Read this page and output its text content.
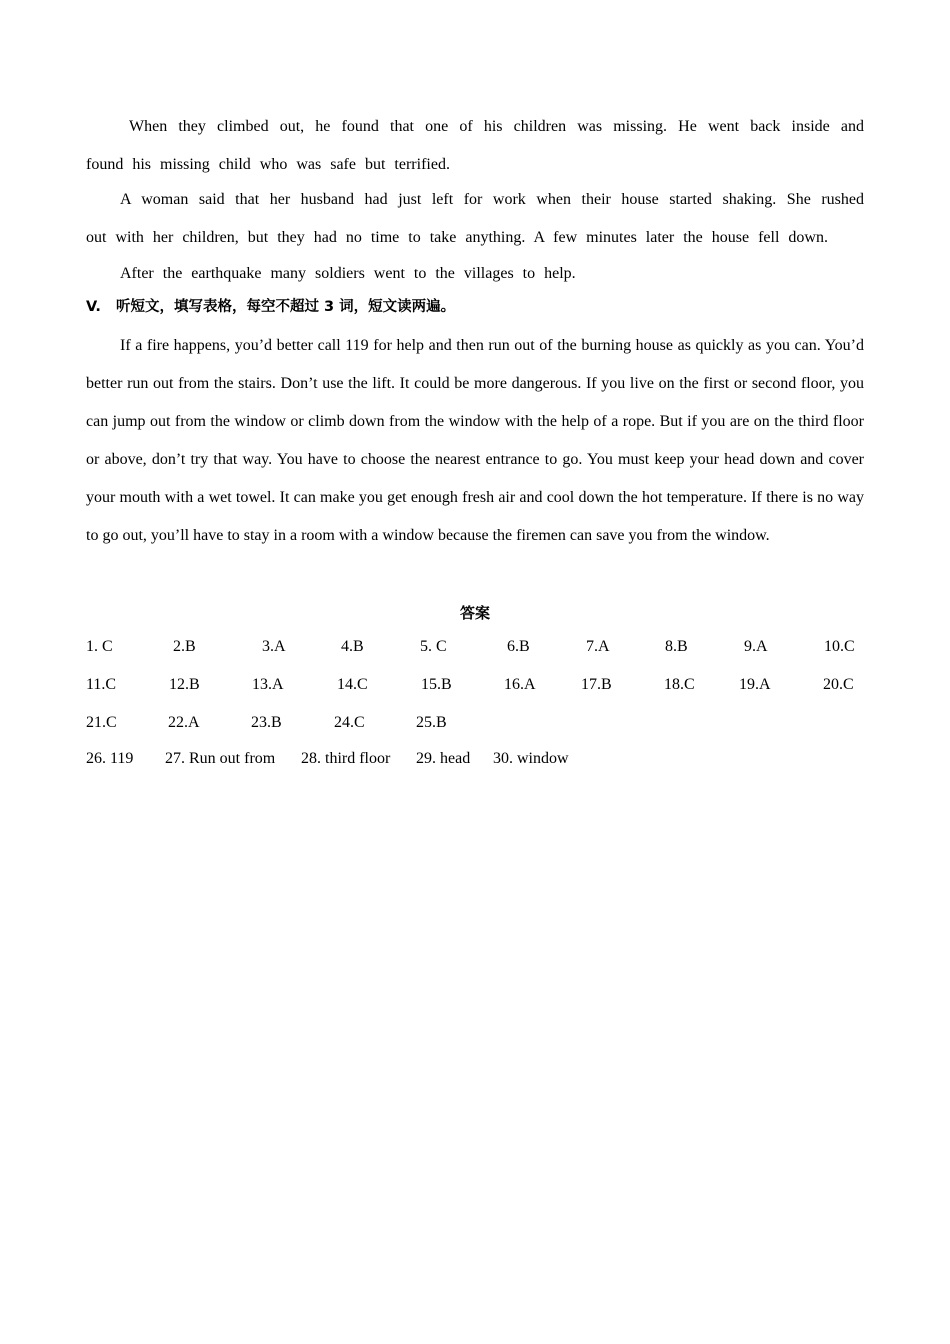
When they climbed out, he found that one of his children was missing. He went back inside and found his missing child who was safe but terrified.

A woman said that her husband had just left for work when their house started shaking. She rushed out with her children, but they had no time to take anything. A few minutes later the house fell down.

After the earthquake many soldiers went to the villages to help.

V. 听短文，填写表格，每空不超过 3 词，短文读两遍。

If a fire happens, you’d better call 119 for help and then run out of the burning house as quickly as you can. You’d better run out from the stairs. Don’t use the lift. It could be more dangerous. If you live on the first or second floor, you can jump out from the window or climb down from the window with the help of a rope. But if you are on the third floor or above, don’t try that way. You have to choose the nearest entrance to go. You must keep your head down and cover your mouth with a wet towel. It can make you get enough fresh air and cool down the hot temperature. If there is no way to go out, you’ll have to stay in a room with a window because the firemen can save you from the window.

答案
1. C	2.B	3.A	4.B	5. C	6.B	7.A	8.B	9.A	10.C
11.C	12.B	13.A	14.C	15.B	16.A	17.B	18.C	19.A	20.C
21.C	22.A	23.B	24.C	25.B
26. 119 27. Run out from 28. third floor 29. head 30. window
